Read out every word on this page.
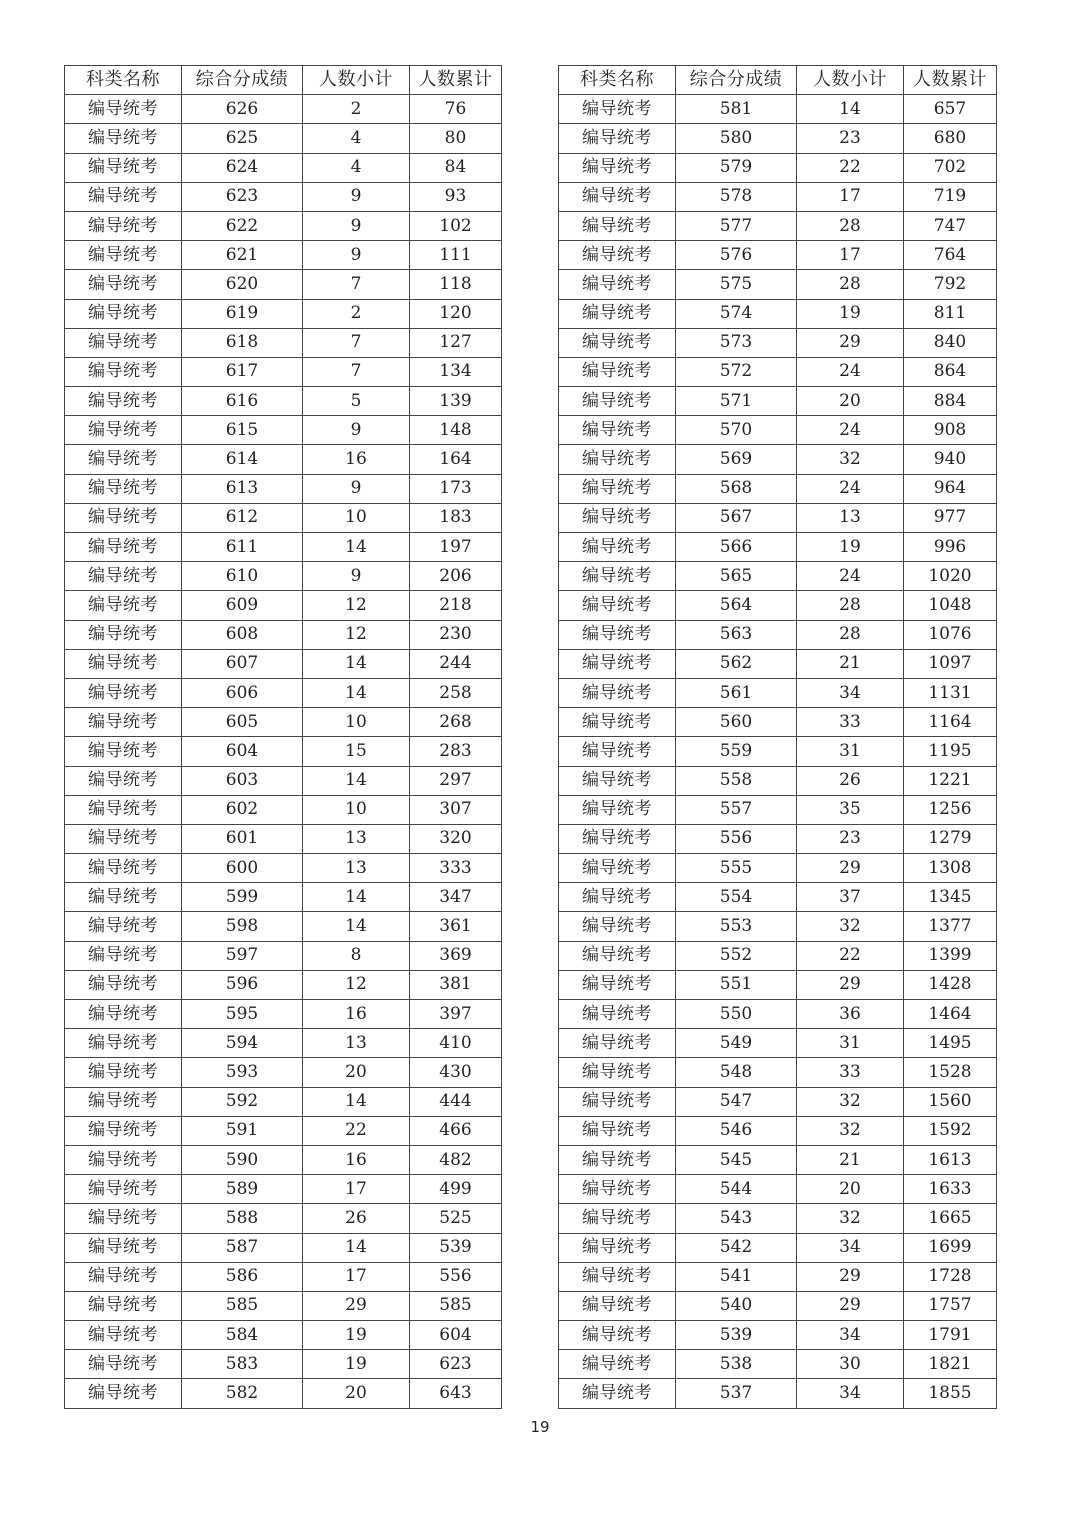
科类名称	综合分成绩	人数小计	人数累计
编导统考	626	2	76
编导统考	625	4	80
编导统考	624	4	84
编导统考	623	9	93
编导统考	622	9	102
编导统考	621	9	111
编导统考	620	7	118
编导统考	619	2	120
编导统考	618	7	127
编导统考	617	7	134
编导统考	616	5	139
编导统考	615	9	148
编导统考	614	16	164
编导统考	613	9	173
编导统考	612	10	183
编导统考	611	14	197
编导统考	610	9	206
编导统考	609	12	218
编导统考	608	12	230
编导统考	607	14	244
编导统考	606	14	258
编导统考	605	10	268
编导统考	604	15	283
编导统考	603	14	297
编导统考	602	10	307
编导统考	601	13	320
编导统考	600	13	333
编导统考	599	14	347
编导统考	598	14	361
编导统考	597	8	369
编导统考	596	12	381
编导统考	595	16	397
编导统考	594	13	410
编导统考	593	20	430
编导统考	592	14	444
编导统考	591	22	466
编导统考	590	16	482
编导统考	589	17	499
编导统考	588	26	525
编导统考	587	14	539
编导统考	586	17	556
编导统考	585	29	585
编导统考	584	19	604
编导统考	583	19	623
编导统考	582	20	643
科类名称	综合分成绩	人数小计	人数累计
编导统考	581	14	657
编导统考	580	23	680
编导统考	579	22	702
编导统考	578	17	719
编导统考	577	28	747
编导统考	576	17	764
编导统考	575	28	792
编导统考	574	19	811
编导统考	573	29	840
编导统考	572	24	864
编导统考	571	20	884
编导统考	570	24	908
编导统考	569	32	940
编导统考	568	24	964
编导统考	567	13	977
编导统考	566	19	996
编导统考	565	24	1020
编导统考	564	28	1048
编导统考	563	28	1076
编导统考	562	21	1097
编导统考	561	34	1131
编导统考	560	33	1164
编导统考	559	31	1195
编导统考	558	26	1221
编导统考	557	35	1256
编导统考	556	23	1279
编导统考	555	29	1308
编导统考	554	37	1345
编导统考	553	32	1377
编导统考	552	22	1399
编导统考	551	29	1428
编导统考	550	36	1464
编导统考	549	31	1495
编导统考	548	33	1528
编导统考	547	32	1560
编导统考	546	32	1592
编导统考	545	21	1613
编导统考	544	20	1633
编导统考	543	32	1665
编导统考	542	34	1699
编导统考	541	29	1728
编导统考	540	29	1757
编导统考	539	34	1791
编导统考	538	30	1821
编导统考	537	34	1855
19
